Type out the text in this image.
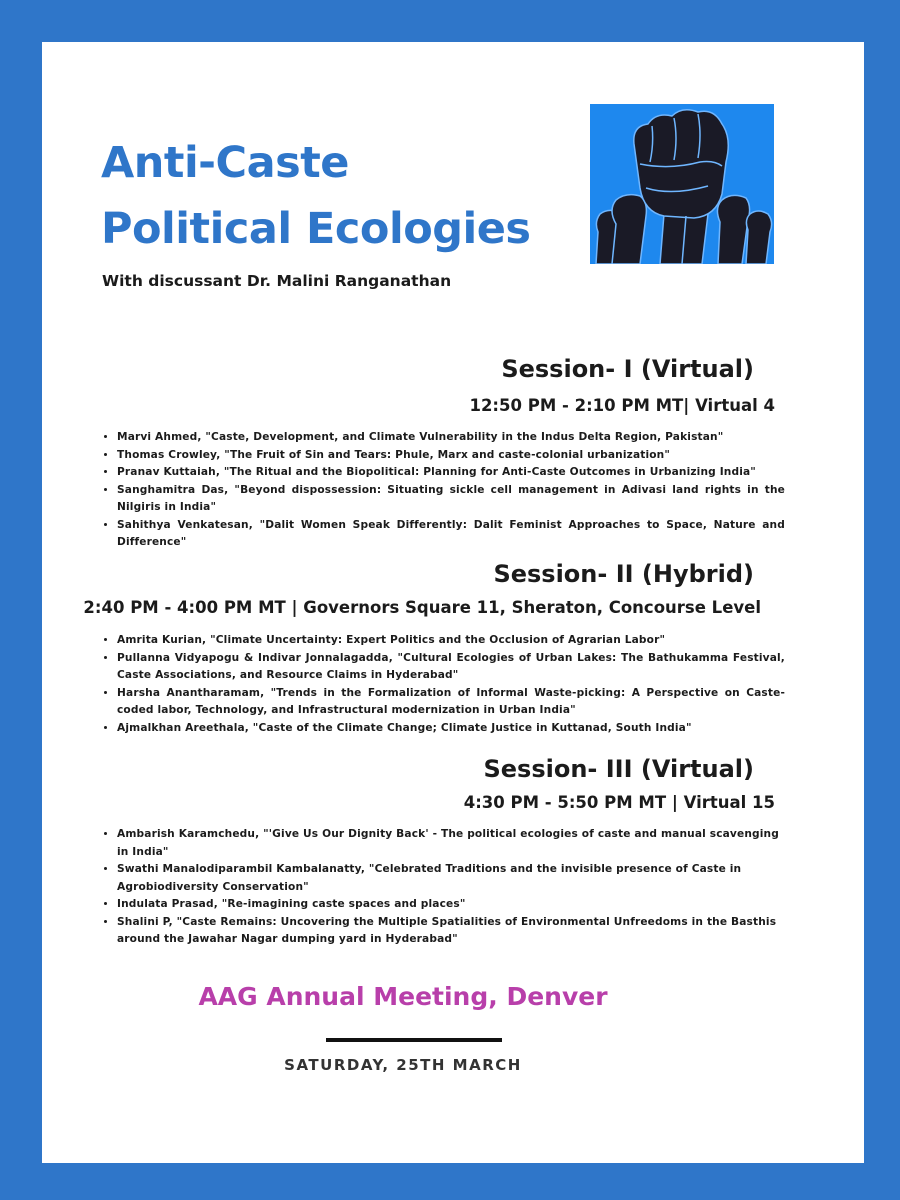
Anti-Caste
Political Ecologies
With discussant Dr. Malini Ranganathan
Session- I (Virtual)
12:50 PM - 2:10 PM MT| Virtual 4
• Marvi Ahmed, "Caste, Development, and Climate Vulnerability in the Indus Delta Region, Pakistan"
• Thomas Crowley, "The Fruit of Sin and Tears: Phule, Marx and caste-colonial urbanization"
• Pranav Kuttaiah, "The Ritual and the Biopolitical: Planning for Anti-Caste Outcomes in Urbanizing India"
• Sanghamitra Das, "Beyond dispossession: Situating sickle cell management in Adivasi land rights in the Nilgiris in India"
• Sahithya Venkatesan, "Dalit Women Speak Differently: Dalit Feminist Approaches to Space, Nature and Difference"
Session- II (Hybrid)
2:40 PM - 4:00 PM MT | Governors Square 11, Sheraton, Concourse Level
• Amrita Kurian, "Climate Uncertainty: Expert Politics and the Occlusion of Agrarian Labor"
• Pullanna Vidyapogu & Indivar Jonnalagadda, "Cultural Ecologies of Urban Lakes: The Bathukamma Festival, Caste Associations, and Resource Claims in Hyderabad"
• Harsha Anantharamam, "Trends in the Formalization of Informal Waste-picking: A Perspective on Caste-coded labor, Technology, and Infrastructural modernization in Urban India"
• Ajmalkhan Areethala, "Caste of the Climate Change; Climate Justice in Kuttanad, South India"
Session- III (Virtual)
4:30 PM - 5:50 PM MT | Virtual 15
• Ambarish Karamchedu, "'Give Us Our Dignity Back' - The political ecologies of caste and manual scavenging in India"
• Swathi Manalodiparambil Kambalanatty, "Celebrated Traditions and the invisible presence of Caste in Agrobiodiversity Conservation"
• Indulata Prasad, "Re-imagining caste spaces and places"
• Shalini P, "Caste Remains: Uncovering the Multiple Spatialities of Environmental Unfreedoms in the Basthis around the Jawahar Nagar dumping yard in Hyderabad"
AAG Annual Meeting, Denver
SATURDAY, 25TH MARCH
